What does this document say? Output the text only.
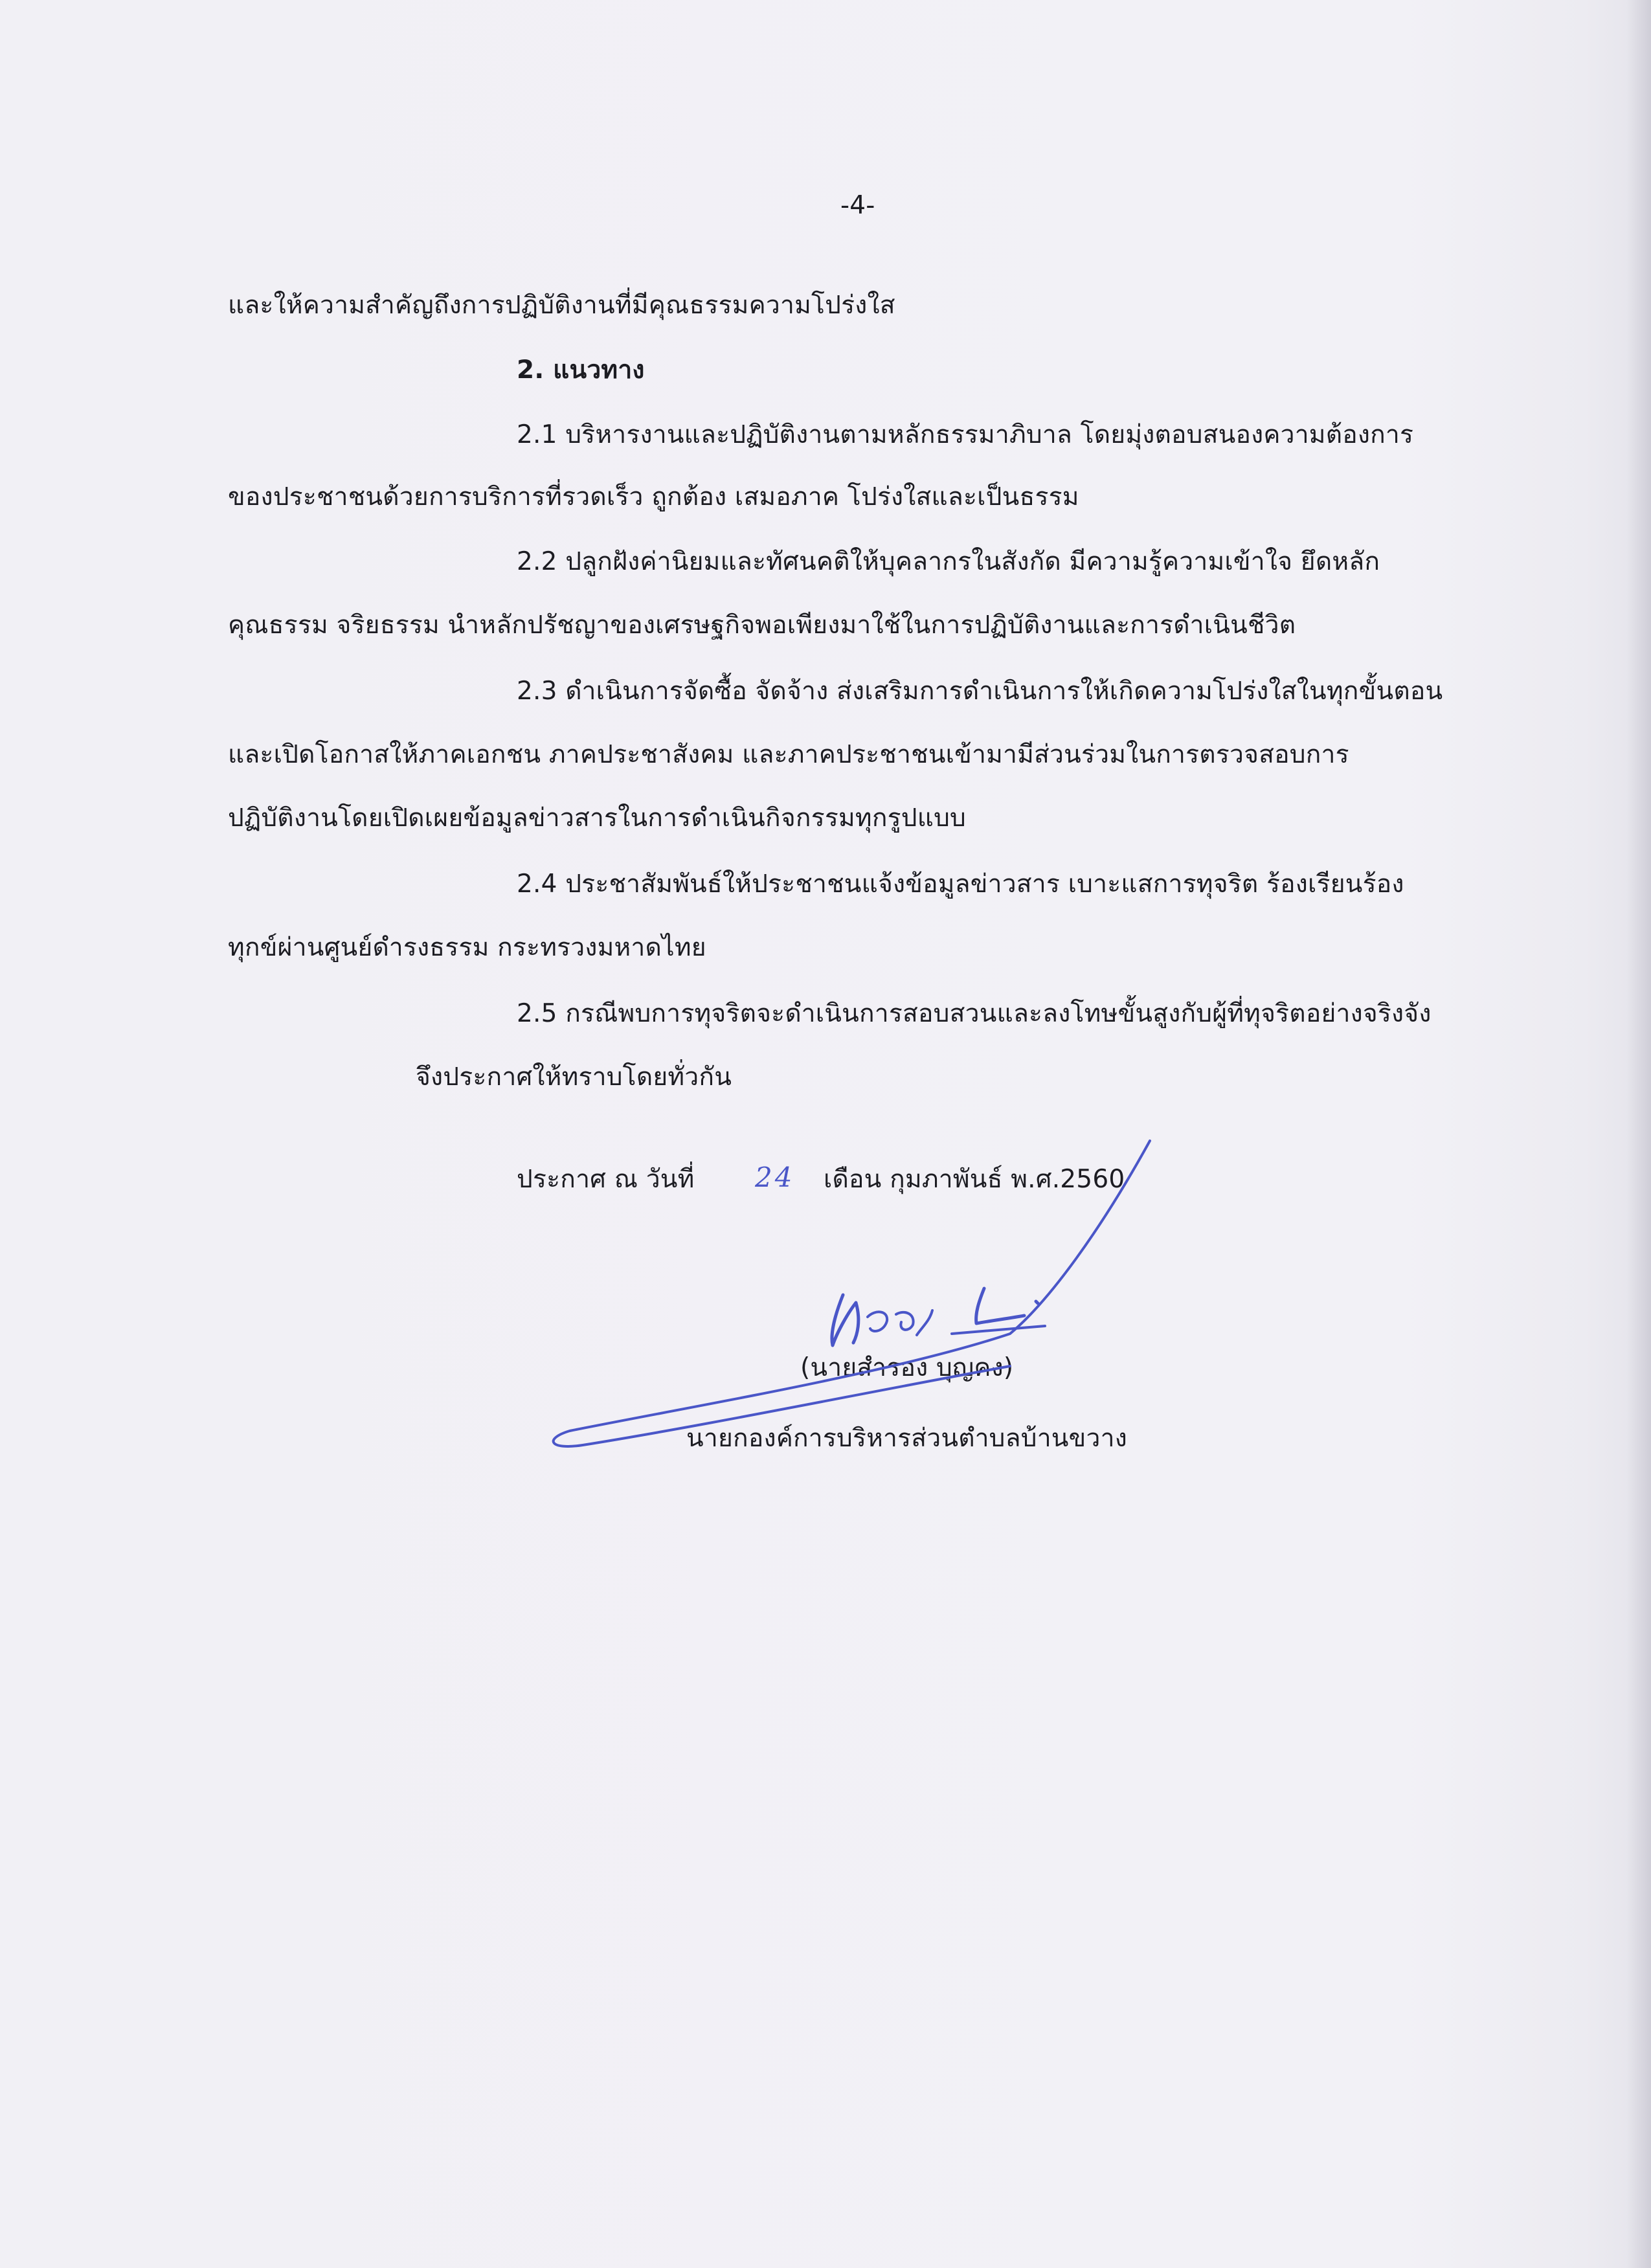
-4-
และให้ความสำคัญถึงการปฏิบัติงานที่มีคุณธรรมความโปร่งใส
2. แนวทาง
2.1 บริหารงานและปฏิบัติงานตามหลักธรรมาภิบาล โดยมุ่งตอบสนองความต้องการ
ของประชาชนด้วยการบริการที่รวดเร็ว ถูกต้อง เสมอภาค โปร่งใสและเป็นธรรม
2.2 ปลูกฝังค่านิยมและทัศนคติให้บุคลากรในสังกัด มีความรู้ความเข้าใจ ยึดหลัก
คุณธรรม จริยธรรม นำหลักปรัชญาของเศรษฐกิจพอเพียงมาใช้ในการปฏิบัติงานและการดำเนินชีวิต
2.3 ดำเนินการจัดซื้อ จัดจ้าง ส่งเสริมการดำเนินการให้เกิดความโปร่งใสในทุกขั้นตอน
และเปิดโอกาสให้ภาคเอกชน ภาคประชาสังคม และภาคประชาชนเข้ามามีส่วนร่วมในการตรวจสอบการ
ปฏิบัติงานโดยเปิดเผยข้อมูลข่าวสารในการดำเนินกิจกรรมทุกรูปแบบ
2.4 ประชาสัมพันธ์ให้ประชาชนแจ้งข้อมูลข่าวสาร เบาะแสการทุจริต ร้องเรียนร้อง
ทุกข์ผ่านศูนย์ดำรงธรรม กระทรวงมหาดไทย
2.5 กรณีพบการทุจริตจะดำเนินการสอบสวนและลงโทษขั้นสูงกับผู้ที่ทุจริตอย่างจริงจัง
จึงประกาศให้ทราบโดยทั่วกัน
ประกาศ ณ วันที่ 24 เดือน กุมภาพันธ์ พ.ศ.2560
(นายสำรอง บุญคง)
นายกองค์การบริหารส่วนตำบลบ้านขวาง
